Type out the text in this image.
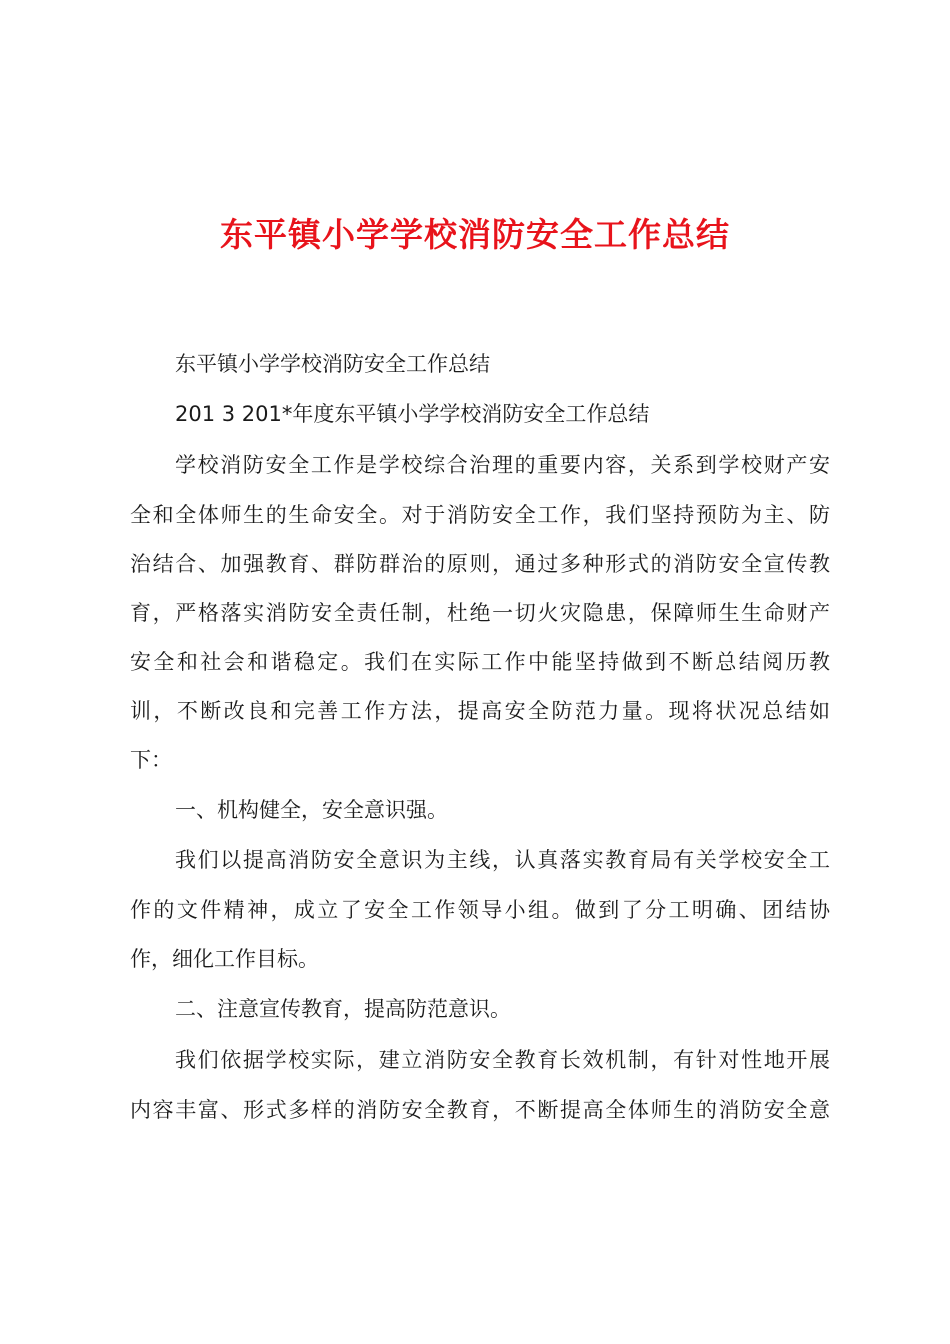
东平镇小学学校消防安全工作总结
东平镇小学学校消防安全工作总结
201 3 201*年度东平镇小学学校消防安全工作总结
学校消防安全工作是学校综合治理的重要内容，关系到学校财产安
全和全体师生的生命安全。对于消防安全工作，我们坚持预防为主、防
治结合、加强教育、群防群治的原则，通过多种形式的消防安全宣传教
育，严格落实消防安全责任制，杜绝一切火灾隐患，保障师生生命财产
安全和社会和谐稳定。我们在实际工作中能坚持做到不断总结阅历教
训，不断改良和完善工作方法，提高安全防范力量。现将状况总结如
下：
一、机构健全，安全意识强。
我们以提高消防安全意识为主线，认真落实教育局有关学校安全工
作的文件精神，成立了安全工作领导小组。做到了分工明确、团结协
作，细化工作目标。
二、注意宣传教育，提高防范意识。
我们依据学校实际，建立消防安全教育长效机制，有针对性地开展
内容丰富、形式多样的消防安全教育，不断提高全体师生的消防安全意
